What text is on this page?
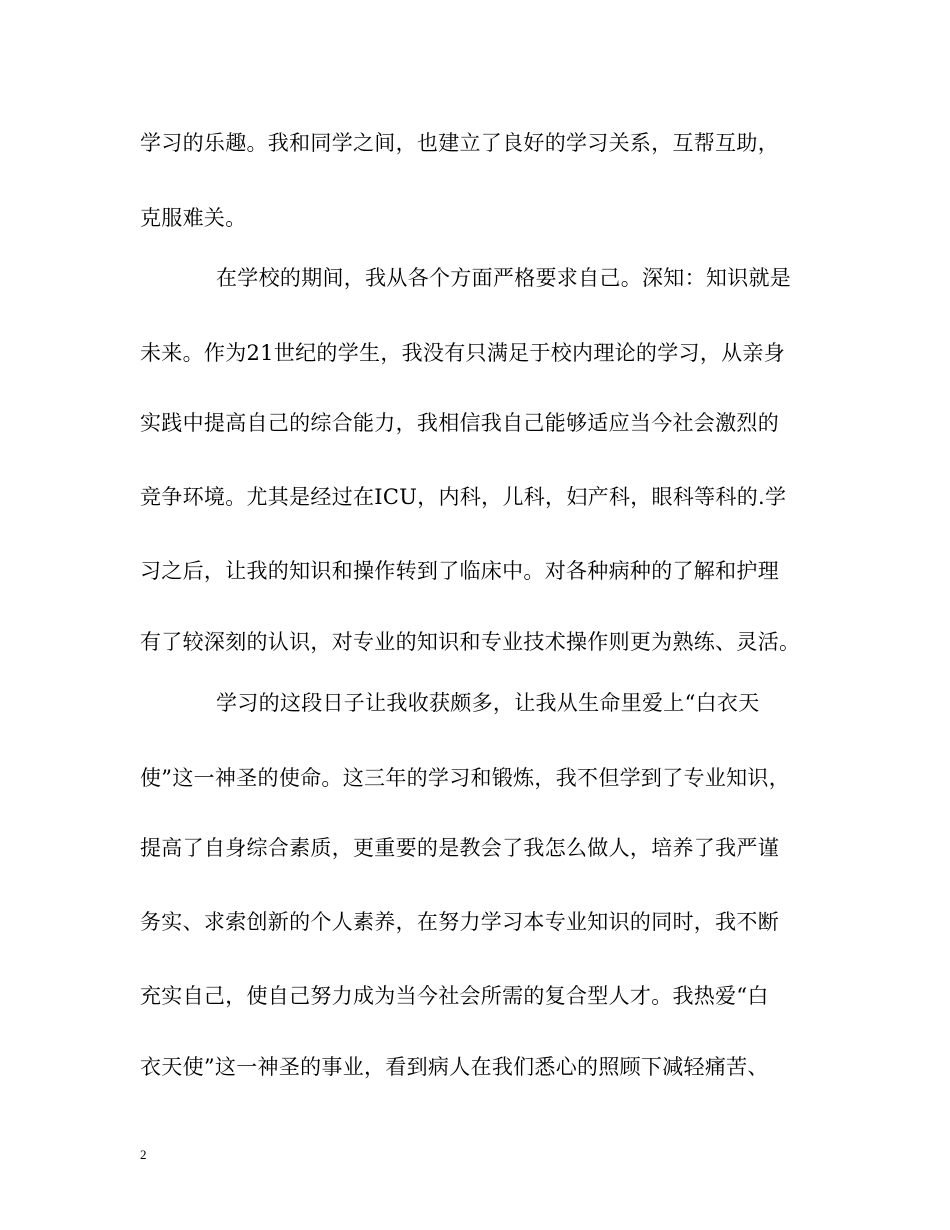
学习的乐趣。我和同学之间，也建立了良好的学习关系，互帮互助，
克服难关。
在学校的期间，我从各个方面严格要求自己。深知：知识就是
未来。作为21世纪的学生，我没有只满足于校内理论的学习，从亲身
实践中提高自己的综合能力，我相信我自己能够适应当今社会激烈的
竞争环境。尤其是经过在ICU，内科，儿科，妇产科，眼科等科的.学
习之后，让我的知识和操作转到了临床中。对各种病种的了解和护理
有了较深刻的认识，对专业的知识和专业技术操作则更为熟练、灵活。
学习的这段日子让我收获颇多，让我从生命里爱上“白衣天
使”这一神圣的使命。这三年的学习和锻炼，我不但学到了专业知识，
提高了自身综合素质，更重要的是教会了我怎么做人，培养了我严谨
务实、求索创新的个人素养，在努力学习本专业知识的同时，我不断
充实自己，使自己努力成为当今社会所需的复合型人才。我热爱“白
衣天使”这一神圣的事业，看到病人在我们悉心的照顾下减轻痛苦、
2
